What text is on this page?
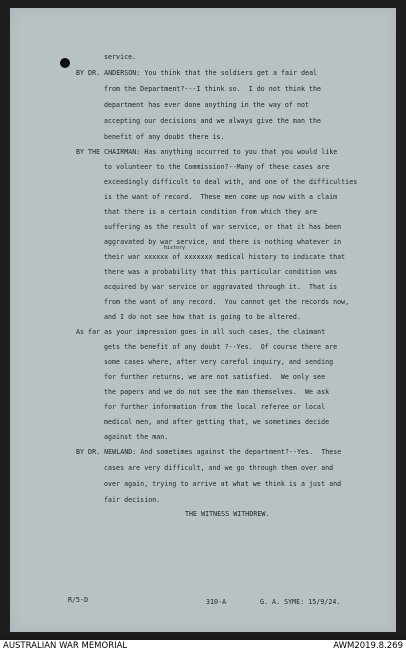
service.
BY DR. ANDERSON: You think that the soldiers get a fair deal
from the Department?---I think so.  I do not think the
department has ever done anything in the way of not
accepting our decisions and we always give the man the
benefit of any doubt there is.
BY THE CHAIRMAN: Has anything occurred to you that you would like
to volunteer to the Commission?--Many of these cases are
exceedingly difficult to deal with, and one of the difficulties
is the want of record.  These men come up now with a claim
that there is a certain condition from which they are
suffering as the result of war service, or that it has been
aggravated by war service, and there is nothing whatever in
history
their war xxxxxx of xxxxxxx medical history to indicate that
there was a probability that this particular condition was
acquired by war service or aggravated through it.  That is
from the want of any record.  You cannot get the records now,
and I do not see how that is going to be altered.
As far as your impression goes in all such cases, the claimant
gets the benefit of any doubt ?--Yes.  Of course there are
some cases where, after very careful inquiry, and sending
for further returns, we are not satisfied.  We only see
the papers and we do not see the man themselves.  We ask
for further information from the local referee or local
medical men, and after getting that, we sometimes decide
against the man.
BY DR. NEWLAND: And sometimes against the department?--Yes.  These
cases are very difficult, and we go through them over and
over again, trying to arrive at what we think is a just and
fair decision.
THE WITNESS WITHDREW.
R/5-D	310-A	G. A. SYME: 15/9/24.
AUSTRALIAN WAR MEMORIAL	AWM2019.8.269
